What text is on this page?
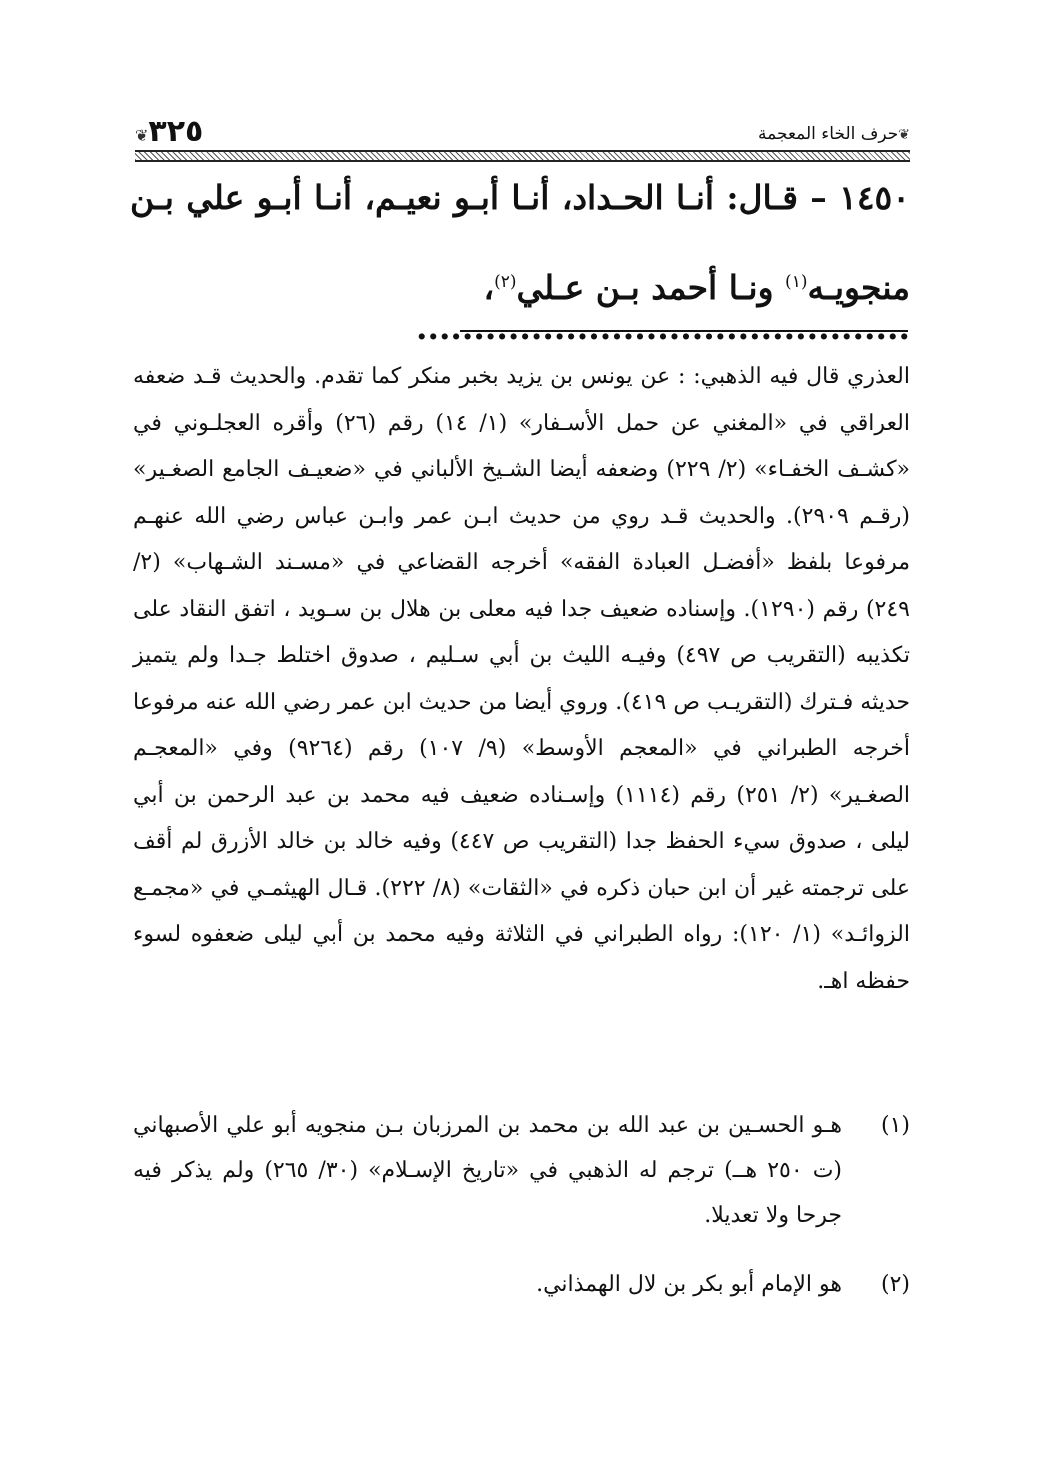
❦حرف الخاء المعجمة
٣٢٥❦
١٤٥٠ – قـال: أنـا الحـداد، أنـا أبـو نعيـم، أنـا أبـو علي بـن
منجويـه$^{(١)}$ ونـا أحمد بـن عـلي$^{(٢)}$، ...........................................

العذري قال فيه الذهبي: : عن يونس بن يزيد بخبر منكر كما تقدم. والحديث قـد ضعفه العراقي في «المغني عن حمل الأسـفار» (١/ ١٤) رقم (٢٦) وأقره العجلـوني في «كشـف الخفـاء» (٢/ ٢٢٩) وضعفه أيضا الشـيخ الألباني في «ضعيـف الجامع الصغـير» (رقـم ٢٩٠٩). والحديث قـد روي من حديث ابـن عمر وابـن عباس رضي الله عنهـم مرفوعا بلفظ «أفضـل العبادة الفقه» أخرجه القضاعي في «مسـند الشـهاب» (٢/ ٢٤٩) رقم (١٢٩٠). وإسناده ضعيف جدا فيه معلى بن هلال بن سـويد ، اتفق النقاد على تكذيبه (التقريب ص ٤٩٧) وفيـه الليث بن أبي سـليم ، صدوق اختلط جـدا ولم يتميز حديثه فـترك (التقريـب ص ٤١٩). وروي أيضا من حديث ابن عمر رضي الله عنه مرفوعا أخرجه الطبراني في «المعجم الأوسط» (٩/ ١٠٧) رقم (٩٢٦٤) وفي «المعجـم الصغـير» (٢/ ٢٥١) رقم (١١١٤) وإسـناده ضعيف فيه محمد بن عبد الرحمن بن أبي ليلى ، صدوق سيء الحفظ جدا (التقريب ص ٤٤٧) وفيه خالد بن خالد الأزرق لم أقف على ترجمته غير أن ابن حبان ذكره في «الثقات» (٨/ ٢٢٢). قـال الهيثمـي في «مجمـع الزوائـد» (١/ ١٢٠): رواه الطبراني في الثلاثة وفيه محمد بن أبي ليلى ضعفوه لسوء حفظه اهـ.

(١)
هـو الحسـين بن عبد الله بن محمد بن المرزبان بـن منجويه أبو علي الأصبهاني (ت ٢٥٠ هــ) ترجم له الذهبي في «تاريخ الإسـلام» (٣٠/ ٢٦٥) ولم يذكر فيه جرحا ولا تعديلا.
(٢)
هو الإمام أبو بكر بن لال الهمذاني.
